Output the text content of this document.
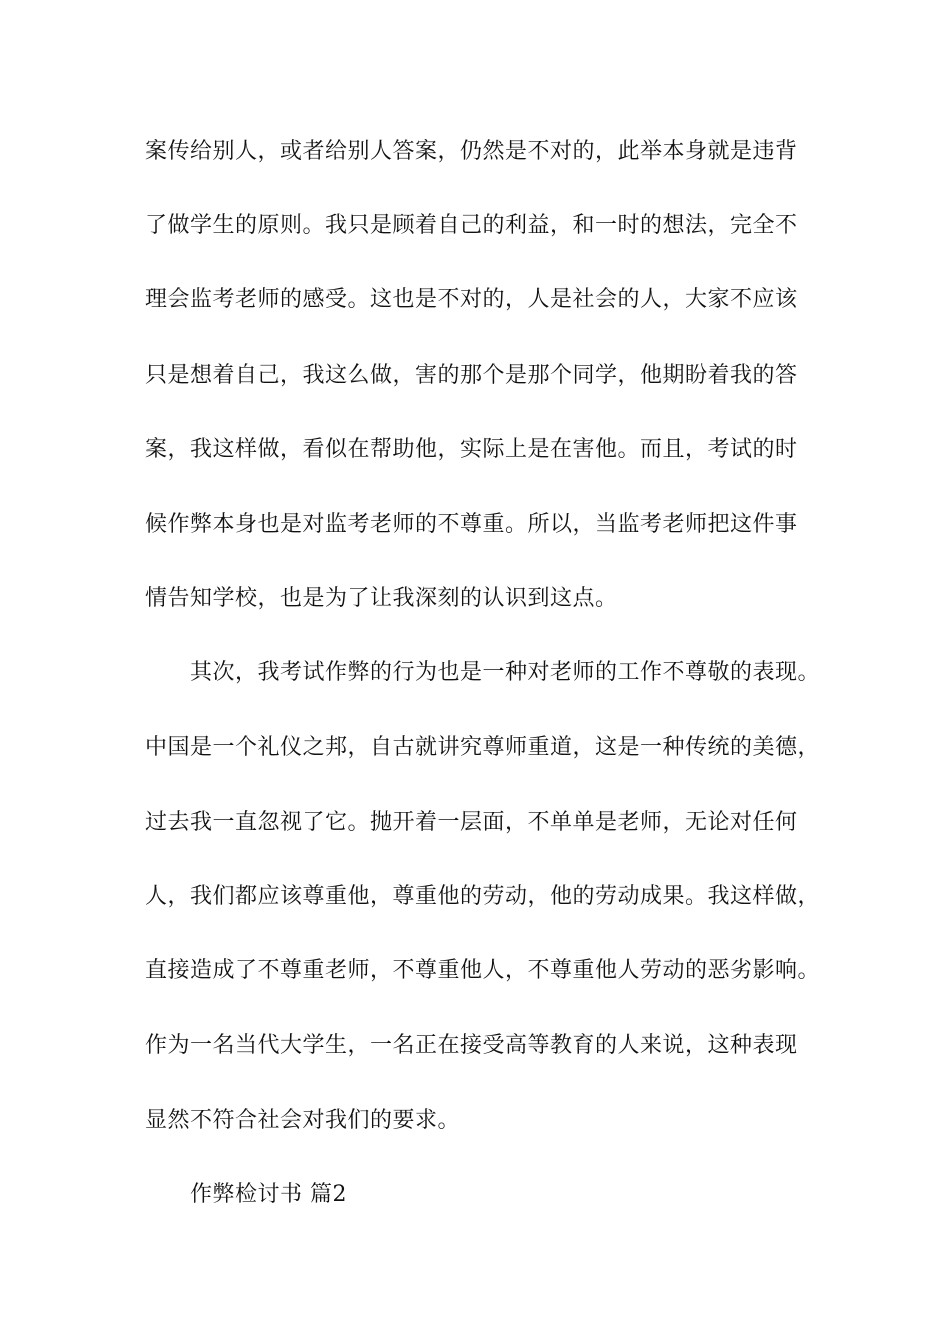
案传给别人，或者给别人答案，仍然是不对的，此举本身就是违背
了做学生的原则。我只是顾着自己的利益，和一时的想法，完全不
理会监考老师的感受。这也是不对的，人是社会的人，大家不应该
只是想着自己，我这么做，害的那个是那个同学，他期盼着我的答
案，我这样做，看似在帮助他，实际上是在害他。而且，考试的时
候作弊本身也是对监考老师的不尊重。所以，当监考老师把这件事
情告知学校，也是为了让我深刻的认识到这点。
其次，我考试作弊的行为也是一种对老师的工作不尊敬的表现。
中国是一个礼仪之邦，自古就讲究尊师重道，这是一种传统的美德，
过去我一直忽视了它。抛开着一层面，不单单是老师，无论对任何
人，我们都应该尊重他，尊重他的劳动，他的劳动成果。我这样做，
直接造成了不尊重老师，不尊重他人，不尊重他人劳动的恶劣影响。
作为一名当代大学生，一名正在接受高等教育的人来说，这种表现
显然不符合社会对我们的要求。
作弊检讨书 篇2
